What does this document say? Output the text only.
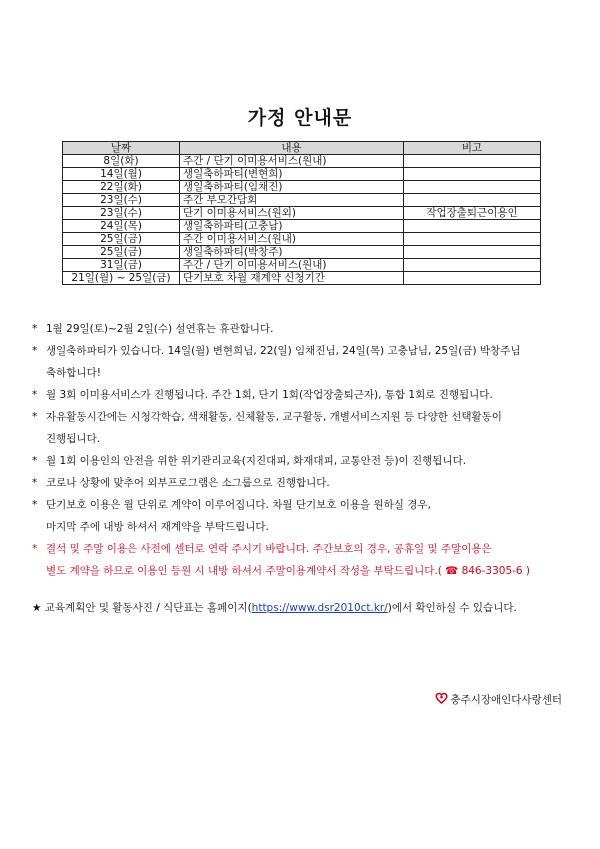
가정 안내문
날짜	내용	비고
8일(화)	주간 / 단기 이미용서비스(원내)	
14일(월)	생일축하파티(변현희)	
22일(화)	생일축하파티(임채진)	
23일(수)	주간 부모간담회	
23일(수)	단기 이미용서비스(원외)	작업장출퇴근이용인
24일(목)	생일축하파티(고충남)	
25일(금)	주간 이미용서비스(원내)	
25일(금)	생일축하파티(박창주)	
31일(금)	주간 / 단기 이미용서비스(원내)	
21일(월) ~ 25일(금)	단기보호 차월 재계약 신청기간	
* 1월 29일(토)~2월 2일(수) 설연휴는 휴관합니다.
* 생일축하파티가 있습니다. 14일(월) 변현희님, 22(일) 임채진님, 24일(목) 고충남님, 25일(금) 박창주님
축하합니다!
* 월 3회 이미용서비스가 진행됩니다. 주간 1회, 단기 1회(작업장출퇴근자), 통합 1회로 진행됩니다.
* 자유활동시간에는 시청각학습, 색채활동, 신체활동, 교구활동, 개별서비스지원 등 다양한 선택활동이
진행됩니다.
* 월 1회 이용인의 안전을 위한 위기관리교육(지진대피, 화재대피, 교통안전 등)이 진행됩니다.
* 코로나 상황에 맞추어 외부프로그램은 소그룹으로 진행합니다.
* 단기보호 이용은 월 단위로 계약이 이루어집니다. 차월 단기보호 이용을 원하실 경우,
마지막 주에 내방 하셔서 재계약을 부탁드립니다.
* 결석 및 주말 이용은 사전에 센터로 연락 주시기 바랍니다. 주간보호의 경우, 공휴일 및 주말이용은
별도 계약을 하므로 이용인 등원 시 내방 하셔서 주말이용계약서 작성을 부탁드립니다.( ☎ 846-3305-6 )
★ 교육계획안 및 활동사진 / 식단표는 홈페이지(https://www.dsr2010ct.kr/)에서 확인하실 수 있습니다.
충주시장애인다사랑센터
